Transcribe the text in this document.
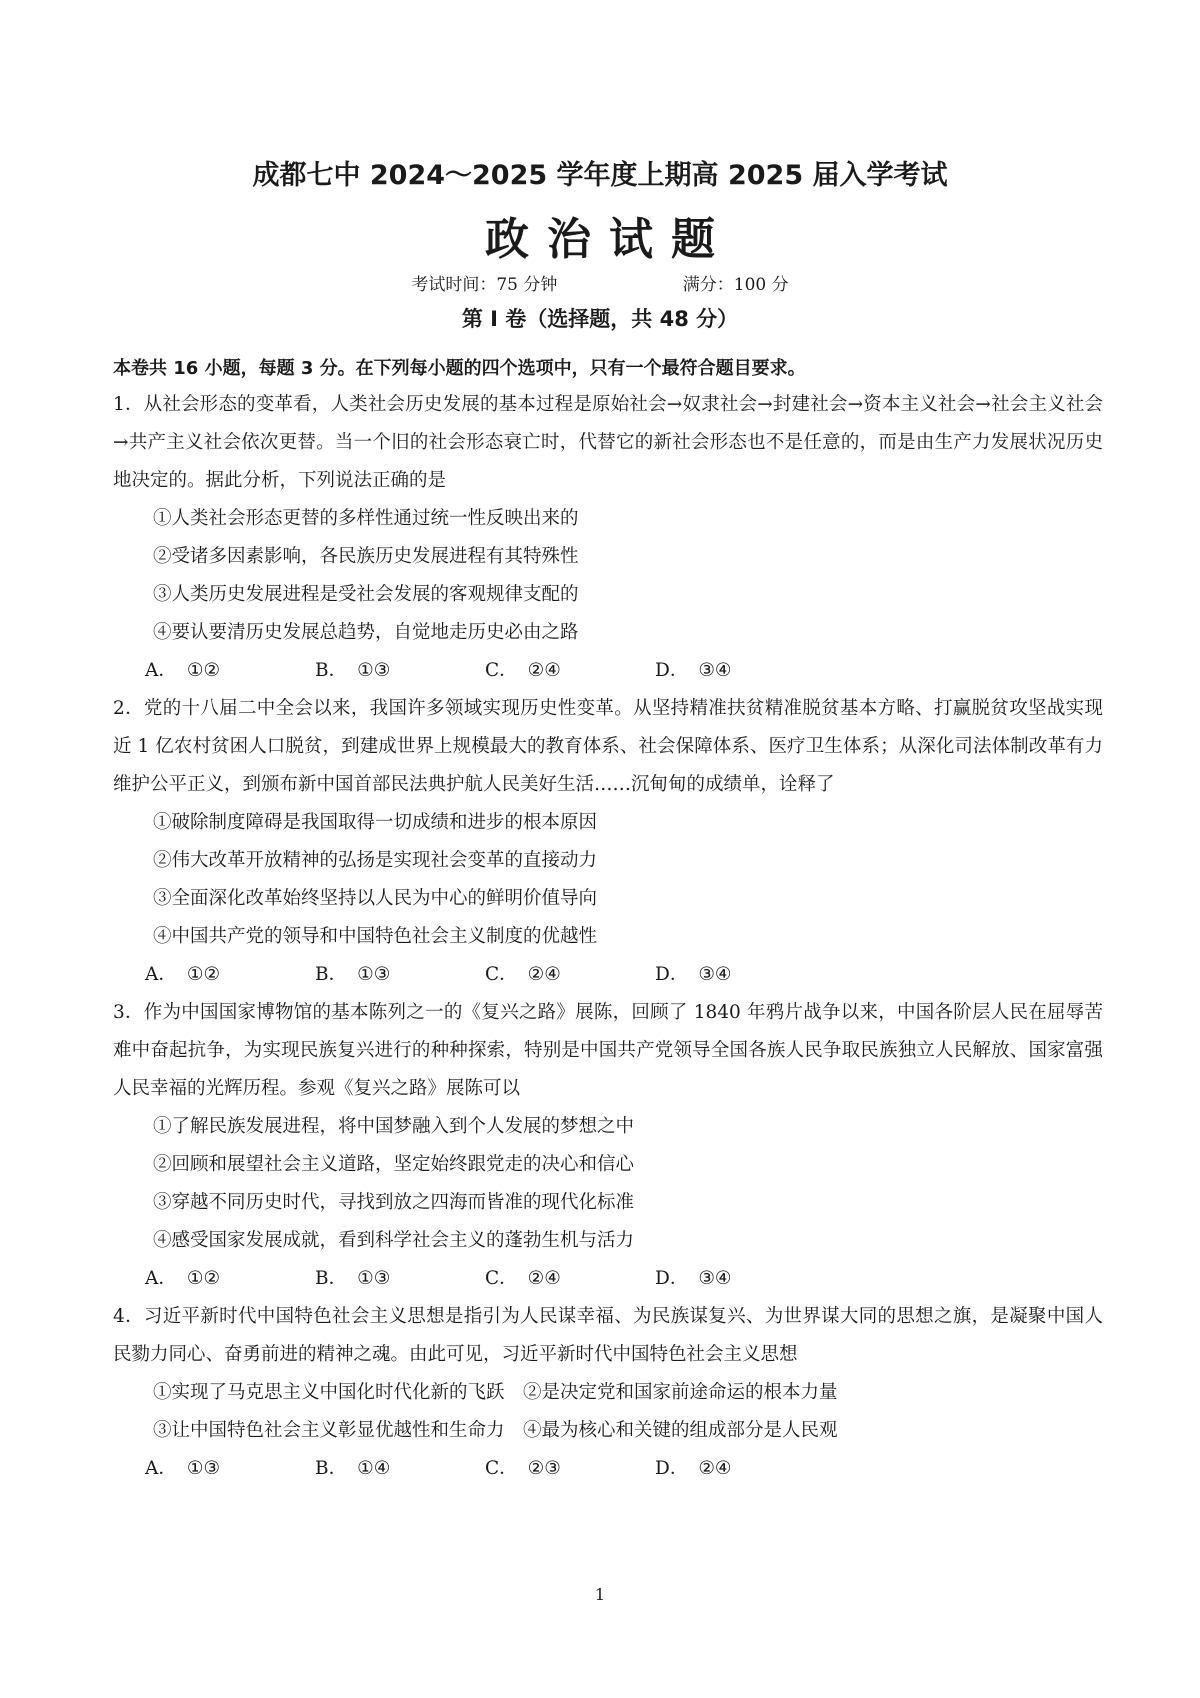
成都七中 2024～2025 学年度上期高 2025 届入学考试
政治试题
考试时间：75 分钟	满分：100 分
第 I 卷（选择题，共 48 分）

本卷共 16 小题，每题 3 分。在下列每小题的四个选项中，只有一个最符合题目要求。

1．从社会形态的变革看，人类社会历史发展的基本过程是原始社会→奴隶社会→封建社会→资本主义社会→社会主义社会→共产主义社会依次更替。当一个旧的社会形态衰亡时，代替它的新社会形态也不是任意的，而是由生产力发展状况历史地决定的。据此分析，下列说法正确的是

①人类社会形态更替的多样性通过统一性反映出来的

②受诸多因素影响，各民族历史发展进程有其特殊性

③人类历史发展进程是受社会发展的客观规律支配的

④要认要清历史发展总趋势，自觉地走历史必由之路

A． ①②	B． ①③	C． ②④	D． ③④

2．党的十八届二中全会以来，我国许多领域实现历史性变革。从坚持精准扶贫精准脱贫基本方略、打赢脱贫攻坚战实现近 1 亿农村贫困人口脱贫，到建成世界上规模最大的教育体系、社会保障体系、医疗卫生体系；从深化司法体制改革有力维护公平正义，到颁布新中国首部民法典护航人民美好生活……沉甸甸的成绩单，诠释了

①破除制度障碍是我国取得一切成绩和进步的根本原因

②伟大改革开放精神的弘扬是实现社会变革的直接动力

③全面深化改革始终坚持以人民为中心的鲜明价值导向

④中国共产党的领导和中国特色社会主义制度的优越性

A． ①②	B． ①③	C． ②④	D． ③④

3．作为中国国家博物馆的基本陈列之一的《复兴之路》展陈，回顾了 1840 年鸦片战争以来，中国各阶层人民在屈辱苦难中奋起抗争，为实现民族复兴进行的种种探索，特别是中国共产党领导全国各族人民争取民族独立人民解放、国家富强人民幸福的光辉历程。参观《复兴之路》展陈可以

①了解民族发展进程，将中国梦融入到个人发展的梦想之中

②回顾和展望社会主义道路，坚定始终跟党走的决心和信心

③穿越不同历史时代，寻找到放之四海而皆准的现代化标准

④感受国家发展成就，看到科学社会主义的蓬勃生机与活力

A． ①②	B． ①③	C． ②④	D． ③④

4．习近平新时代中国特色社会主义思想是指引为人民谋幸福、为民族谋复兴、为世界谋大同的思想之旗，是凝聚中国人民勠力同心、奋勇前进的精神之魂。由此可见，习近平新时代中国特色社会主义思想

①实现了马克思主义中国化时代化新的飞跃　②是决定党和国家前途命运的根本力量

③让中国特色社会主义彰显优越性和生命力　④最为核心和关键的组成部分是人民观

A． ①③	B． ①④	C． ②③	D． ②④
1
